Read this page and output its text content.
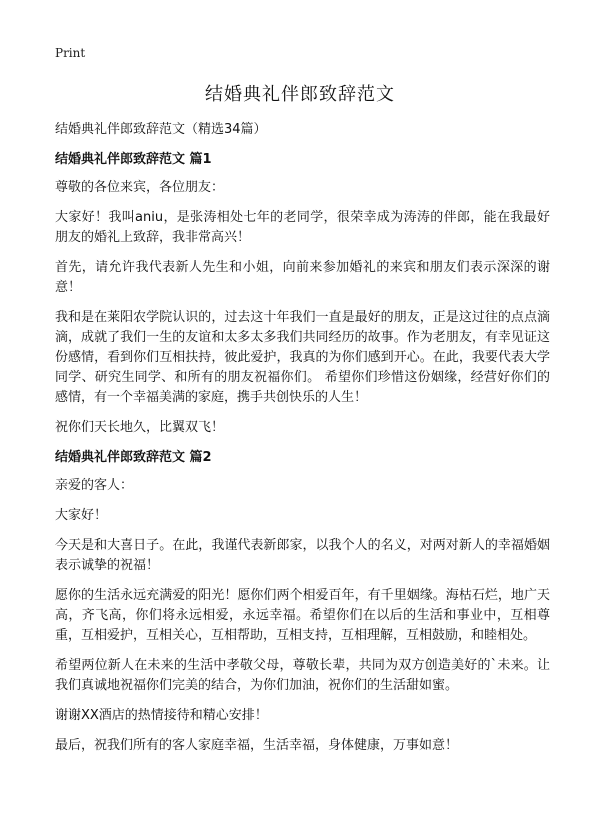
Print
结婚典礼伴郎致辞范文

结婚典礼伴郎致辞范文（精选34篇）

结婚典礼伴郎致辞范文 篇1

尊敬的各位来宾，各位朋友：

大家好！我叫aniu，是张涛相处七年的老同学，很荣幸成为涛涛的伴郎，能在我最好朋友的婚礼上致辞，我非常高兴！

首先，请允许我代表新人先生和小姐，向前来参加婚礼的来宾和朋友们表示深深的谢意！

我和是在莱阳农学院认识的，过去这十年我们一直是最好的朋友，正是这过往的点点滴滴，成就了我们一生的友谊和太多太多我们共同经历的故事。作为老朋友，有幸见证这份感情，看到你们互相扶持，彼此爱护，我真的为你们感到开心。在此，我要代表大学同学、研究生同学、和所有的朋友祝福你们。 希望你们珍惜这份姻缘，经营好你们的感情，有一个幸福美满的家庭，携手共创快乐的人生！

祝你们天长地久，比翼双飞！

结婚典礼伴郎致辞范文 篇2

亲爱的客人：

大家好！

今天是和大喜日子。在此，我谨代表新郎家，以我个人的名义，对两对新人的幸福婚姻表示诚挚的祝福！

愿你的生活永远充满爱的阳光！愿你们两个相爱百年，有千里姻缘。海枯石烂，地广天高，齐飞高，你们将永远相爱，永远幸福。希望你们在以后的生活和事业中，互相尊重，互相爱护，互相关心，互相帮助，互相支持，互相理解，互相鼓励，和睦相处。

希望两位新人在未来的生活中孝敬父母，尊敬长辈，共同为双方创造美好的`未来。让我们真诚地祝福你们完美的结合，为你们加油，祝你们的生活甜如蜜。

谢谢XX酒店的热情接待和精心安排！

最后，祝我们所有的客人家庭幸福，生活幸福，身体健康，万事如意！
